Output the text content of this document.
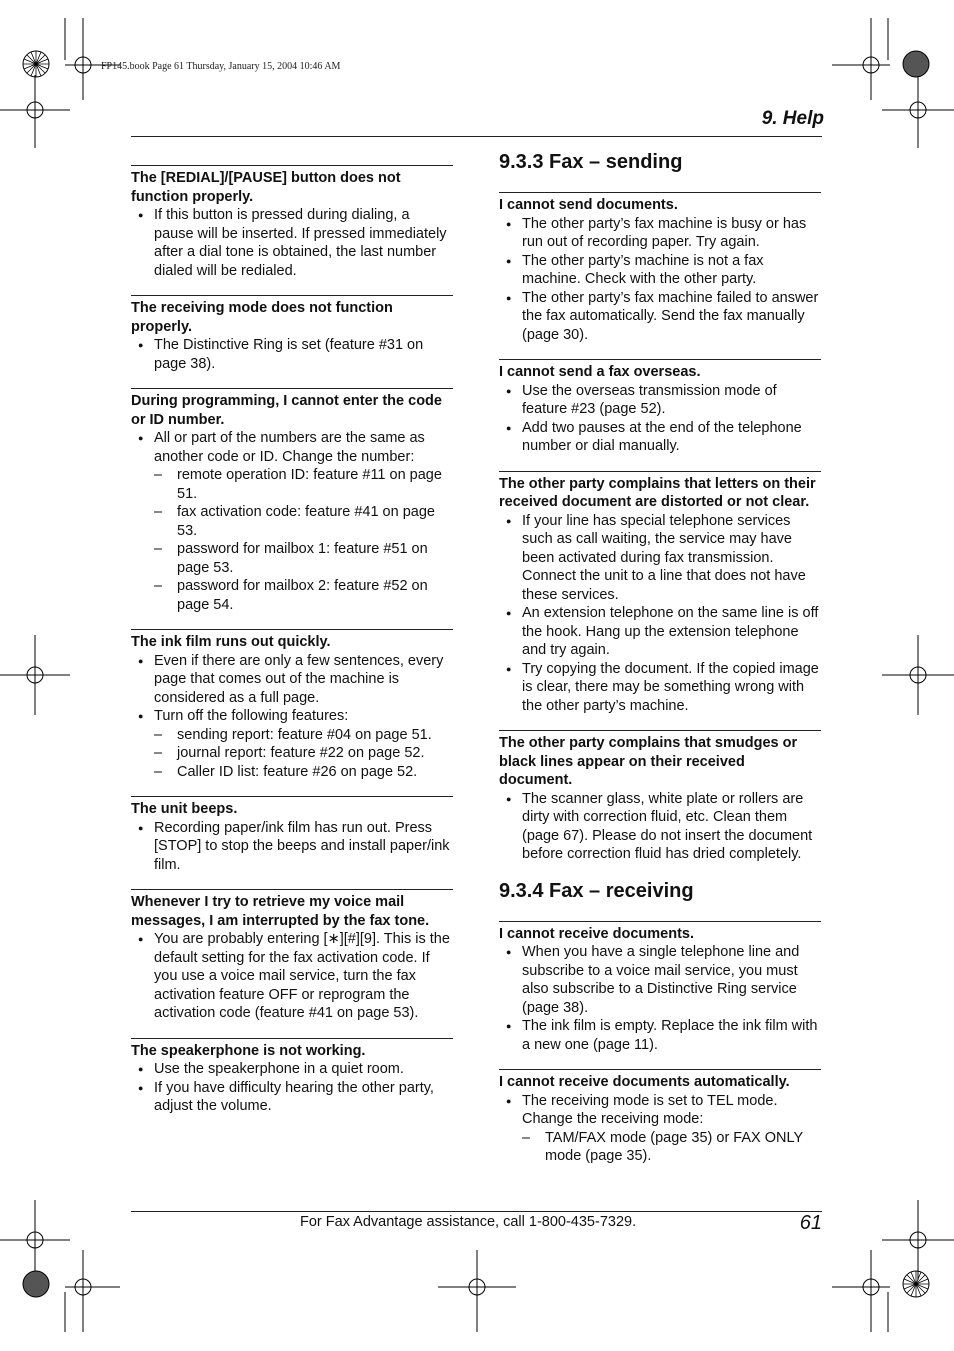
FP145.book Page 61 Thursday, January 15, 2004 10:46 AM
9. Help
The [REDIAL]/[PAUSE] button does not function properly.
● If this button is pressed during dialing, a pause will be inserted. If pressed immediately after a dial tone is obtained, the last number dialed will be redialed.
The receiving mode does not function properly.
● The Distinctive Ring is set (feature #31 on page 38).
During programming, I cannot enter the code or ID number.
● All or part of the numbers are the same as another code or ID. Change the number:
– remote operation ID: feature #11 on page 51.
– fax activation code: feature #41 on page 53.
– password for mailbox 1: feature #51 on page 53.
– password for mailbox 2: feature #52 on page 54.
The ink film runs out quickly.
● Even if there are only a few sentences, every page that comes out of the machine is considered as a full page.
● Turn off the following features:
– sending report: feature #04 on page 51.
– journal report: feature #22 on page 52.
– Caller ID list: feature #26 on page 52.
The unit beeps.
● Recording paper/ink film has run out. Press [STOP] to stop the beeps and install paper/ink film.
Whenever I try to retrieve my voice mail messages, I am interrupted by the fax tone.
● You are probably entering [∗][#][9]. This is the default setting for the fax activation code. If you use a voice mail service, turn the fax activation feature OFF or reprogram the activation code (feature #41 on page 53).
The speakerphone is not working.
● Use the speakerphone in a quiet room.
● If you have difficulty hearing the other party, adjust the volume.
9.3.3 Fax – sending
I cannot send documents.
● The other party’s fax machine is busy or has run out of recording paper. Try again.
● The other party’s machine is not a fax machine. Check with the other party.
● The other party’s fax machine failed to answer the fax automatically. Send the fax manually (page 30).
I cannot send a fax overseas.
● Use the overseas transmission mode of feature #23 (page 52).
● Add two pauses at the end of the telephone number or dial manually.
The other party complains that letters on their received document are distorted or not clear.
● If your line has special telephone services such as call waiting, the service may have been activated during fax transmission. Connect the unit to a line that does not have these services.
● An extension telephone on the same line is off the hook. Hang up the extension telephone and try again.
● Try copying the document. If the copied image is clear, there may be something wrong with the other party’s machine.
The other party complains that smudges or black lines appear on their received document.
● The scanner glass, white plate or rollers are dirty with correction fluid, etc. Clean them (page 67). Please do not insert the document before correction fluid has dried completely.
9.3.4 Fax – receiving
I cannot receive documents.
● When you have a single telephone line and subscribe to a voice mail service, you must also subscribe to a Distinctive Ring service (page 38).
● The ink film is empty. Replace the ink film with a new one (page 11).
I cannot receive documents automatically.
● The receiving mode is set to TEL mode. Change the receiving mode:
– TAM/FAX mode (page 35) or FAX ONLY mode (page 35).
For Fax Advantage assistance, call 1-800-435-7329.	61
